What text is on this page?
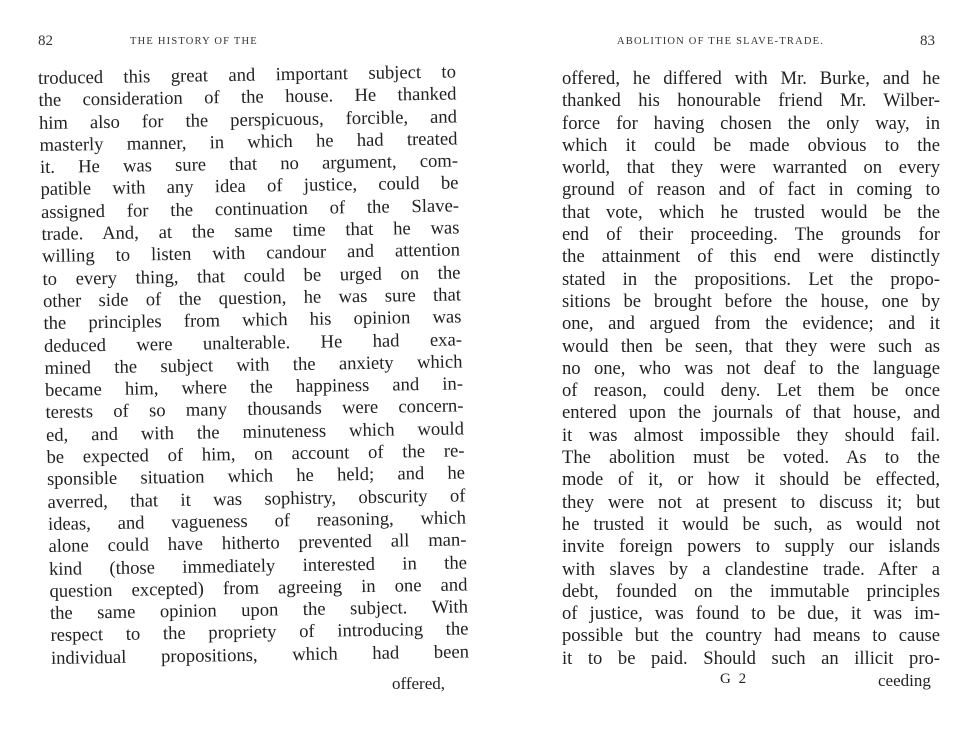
82	THE HISTORY OF THE
troduced this great and important subject to
the consideration of the house. He thanked
him also for the perspicuous, forcible, and
masterly manner, in which he had treated
it. He was sure that no argument, com-
patible with any idea of justice, could be
assigned for the continuation of the Slave-
trade. And, at the same time that he was
willing to listen with candour and attention
to every thing, that could be urged on the
other side of the question, he was sure that
the principles from which his opinion was
deduced were unalterable. He had exa-
mined the subject with the anxiety which
became him, where the happiness and in-
terests of so many thousands were concern-
ed, and with the minuteness which would
be expected of him, on account of the re-
sponsible situation which he held; and he
averred, that it was sophistry, obscurity of
ideas, and vagueness of reasoning, which
alone could have hitherto prevented all man-
kind (those immediately interested in the
question excepted) from agreeing in one and
the same opinion upon the subject. With
respect to the propriety of introducing the
individual propositions, which had been
offered,
ABOLITION OF THE SLAVE-TRADE.	83
offered, he differed with Mr. Burke, and he
thanked his honourable friend Mr. Wilber-
force for having chosen the only way, in
which it could be made obvious to the
world, that they were warranted on every
ground of reason and of fact in coming to
that vote, which he trusted would be the
end of their proceeding. The grounds for
the attainment of this end were distinctly
stated in the propositions. Let the propo-
sitions be brought before the house, one by
one, and argued from the evidence; and it
would then be seen, that they were such as
no one, who was not deaf to the language
of reason, could deny. Let them be once
entered upon the journals of that house, and
it was almost impossible they should fail.
The abolition must be voted. As to the
mode of it, or how it should be effected,
they were not at present to discuss it; but
he trusted it would be such, as would not
invite foreign powers to supply our islands
with slaves by a clandestine trade. After a
debt, founded on the immutable principles
of justice, was found to be due, it was im-
possible but the country had means to cause
it to be paid. Should such an illicit pro-
G 2	ceeding
